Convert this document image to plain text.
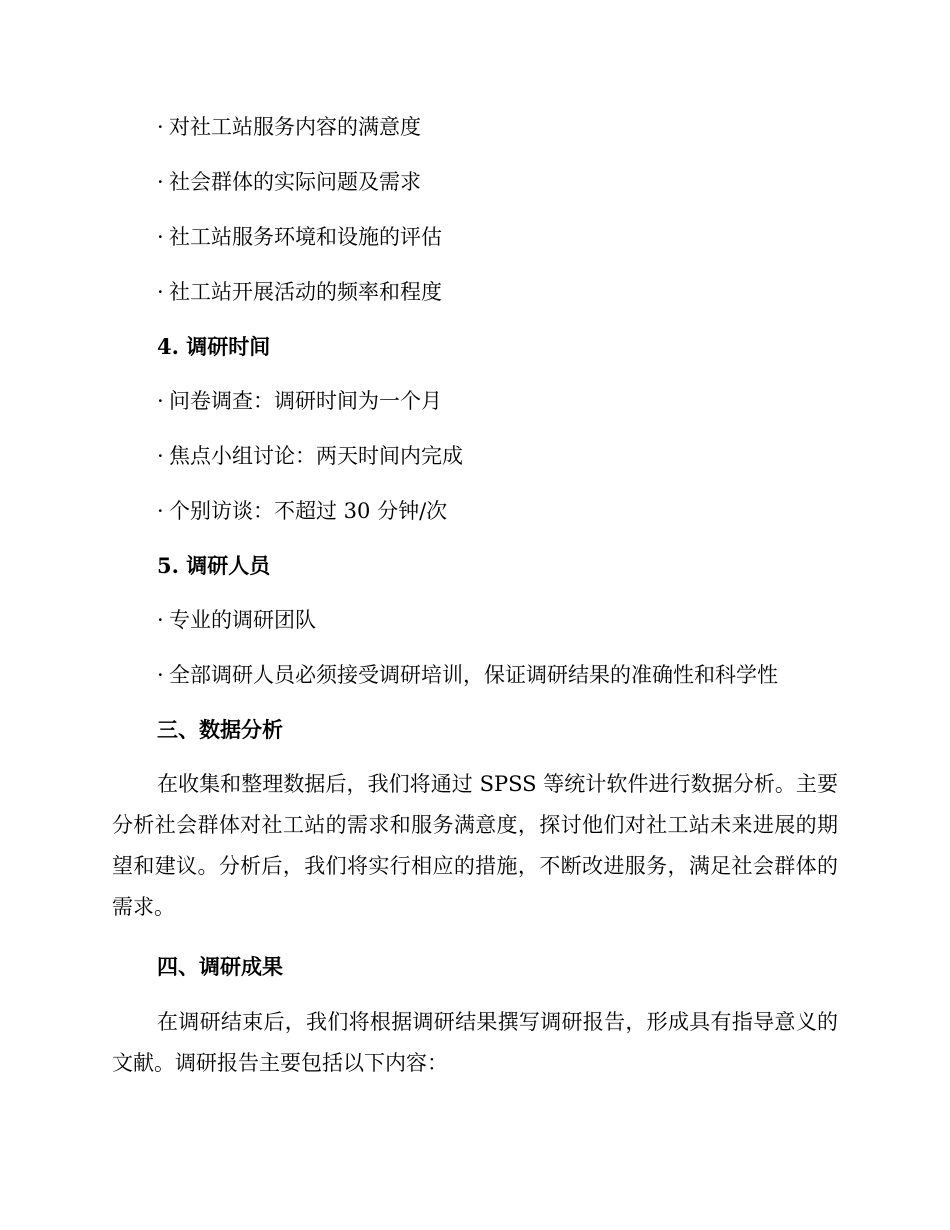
· 对社工站服务内容的满意度
· 社会群体的实际问题及需求
· 社工站服务环境和设施的评估
· 社工站开展活动的频率和程度
4. 调研时间
· 问卷调查：调研时间为一个月
· 焦点小组讨论：两天时间内完成
· 个别访谈：不超过 30 分钟/次
5. 调研人员
· 专业的调研团队
· 全部调研人员必须接受调研培训，保证调研结果的准确性和科学性
三、数据分析
在收集和整理数据后，我们将通过 SPSS 等统计软件进行数据分析。主要分析社会群体对社工站的需求和服务满意度，探讨他们对社工站未来进展的期望和建议。分析后，我们将实行相应的措施，不断改进服务，满足社会群体的需求。
四、调研成果
在调研结束后，我们将根据调研结果撰写调研报告，形成具有指导意义的文献。调研报告主要包括以下内容：
